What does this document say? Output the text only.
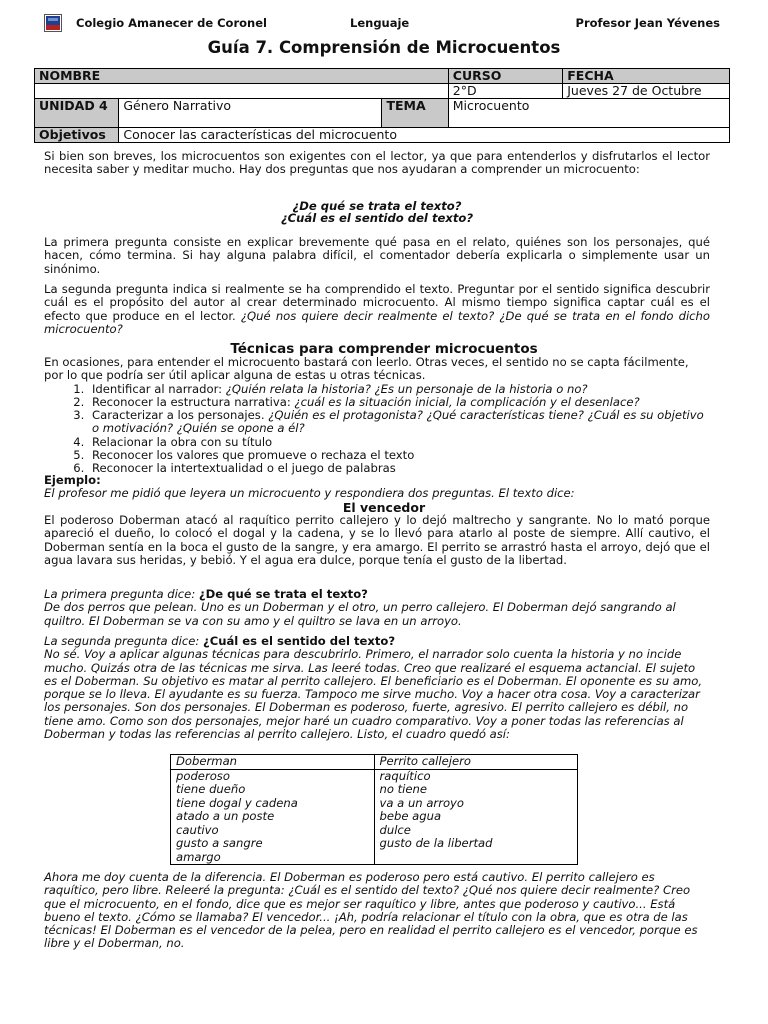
Colegio Amanecer de Coronel	Lenguaje	Profesor Jean Yévenes
Guía 7. Comprensión de Microcuentos
NOMBRE			CURSO	FECHA
			2°D	Jueves 27 de Octubre
UNIDAD 4	Género Narrativo	TEMA	Microcuento	
Objetivos	Conocer las características del microcuento			
Si bien son breves, los microcuentos son exigentes con el lector, ya que para entenderlos y disfrutarlos el lector necesita saber y meditar mucho. Hay dos preguntas que nos ayudaran a comprender un microcuento:
¿De qué se trata el texto?
¿Cuál es el sentido del texto?
La primera pregunta consiste en explicar brevemente qué pasa en el relato, quiénes son los personajes, qué hacen, cómo termina. Si hay alguna palabra difícil, el comentador debería explicarla o simplemente usar un sinónimo.
La segunda pregunta indica si realmente se ha comprendido el texto. Preguntar por el sentido significa descubrir cuál es el propósito del autor al crear determinado microcuento. Al mismo tiempo significa captar cuál es el efecto que produce en el lector. ¿Qué nos quiere decir realmente el texto? ¿De qué se trata en el fondo dicho microcuento?
Técnicas para comprender microcuentos
En ocasiones, para entender el microcuento bastará con leerlo. Otras veces, el sentido no se capta fácilmente, por lo que podría ser útil aplicar alguna de estas u otras técnicas.
1. Identificar al narrador: ¿Quién relata la historia? ¿Es un personaje de la historia o no?
2. Reconocer la estructura narrativa: ¿cuál es la situación inicial, la complicación y el desenlace?
3. Caracterizar a los personajes. ¿Quién es el protagonista? ¿Qué características tiene? ¿Cuál es su objetivo o motivación? ¿Quién se opone a él?
4. Relacionar la obra con su título
5. Reconocer los valores que promueve o rechaza el texto
6. Reconocer la intertextualidad o el juego de palabras
Ejemplo:
El profesor me pidió que leyera un microcuento y respondiera dos preguntas. El texto dice:
El vencedor
El poderoso Doberman atacó al raquítico perrito callejero y lo dejó maltrecho y sangrante. No lo mató porque apareció el dueño, lo colocó el dogal y la cadena, y se lo llevó para atarlo al poste de siempre. Allí cautivo, el Doberman sentía en la boca el gusto de la sangre, y era amargo. El perrito se arrastró hasta el arroyo, dejó que el agua lavara sus heridas, y bebió. Y el agua era dulce, porque tenía el gusto de la libertad.
La primera pregunta dice: ¿De qué se trata el texto?
De dos perros que pelean. Uno es un Doberman y el otro, un perro callejero. El Doberman dejó sangrando al quiltro. El Doberman se va con su amo y el quiltro se lava en un arroyo.
La segunda pregunta dice: ¿Cuál es el sentido del texto?
No sé. Voy a aplicar algunas técnicas para descubrirlo. Primero, el narrador solo cuenta la historia y no incide mucho. Quizás otra de las técnicas me sirva. Las leeré todas. Creo que realizaré el esquema actancial. El sujeto es el Doberman. Su objetivo es matar al perrito callejero. El beneficiario es el Doberman. El oponente es su amo, porque se lo lleva. El ayudante es su fuerza. Tampoco me sirve mucho. Voy a hacer otra cosa. Voy a caracterizar los personajes. Son dos personajes. El Doberman es poderoso, fuerte, agresivo. El perrito callejero es débil, no tiene amo. Como son dos personajes, mejor haré un cuadro comparativo. Voy a poner todas las referencias al Doberman y todas las referencias al perrito callejero. Listo, el cuadro quedó así:
Doberman	Perrito callejero
poderoso	raquítico
tiene dueño	no tiene
tiene dogal y cadena	va a un arroyo
atado a un poste	bebe agua
cautivo	dulce
gusto a sangre	gusto de la libertad
amargo	
Ahora me doy cuenta de la diferencia. El Doberman es poderoso pero está cautivo. El perrito callejero es raquítico, pero libre. Releeré la pregunta: ¿Cuál es el sentido del texto? ¿Qué nos quiere decir realmente? Creo que el microcuento, en el fondo, dice que es mejor ser raquítico y libre, antes que poderoso y cautivo... Está bueno el texto. ¿Cómo se llamaba? El vencedor... ¡Ah, podría relacionar el título con la obra, que es otra de las técnicas! El Doberman es el vencedor de la pelea, pero en realidad el perrito callejero es el vencedor, porque es libre y el Doberman, no.
